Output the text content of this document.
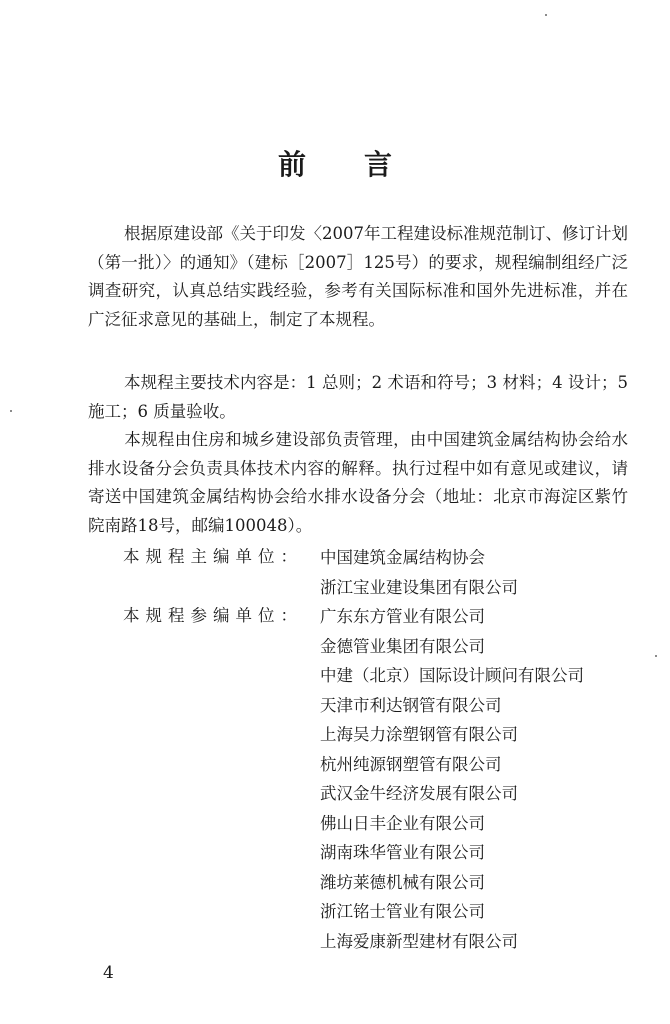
前 言

根据原建设部《关于印发〈2007年工程建设标准规范制订、修订计划（第一批）〉的通知》（建标［2007］125号）的要求，规程编制组经广泛调查研究，认真总结实践经验，参考有关国际标准和国外先进标准，并在广泛征求意见的基础上，制定了本规程。

本规程主要技术内容是：1 总则；2 术语和符号；3 材料；4 设计；5 施工；6 质量验收。

本规程由住房和城乡建设部负责管理，由中国建筑金属结构协会给水排水设备分会负责具体技术内容的解释。执行过程中如有意见或建议，请寄送中国建筑金属结构协会给水排水设备分会（地址：北京市海淀区紫竹院南路18号，邮编100048）。

本规程主编单位： 中国建筑金属结构协会
浙江宝业建设集团有限公司
本规程参编单位： 广东东方管业有限公司
金德管业集团有限公司
中建（北京）国际设计顾问有限公司
天津市利达钢管有限公司
上海吴力涂塑钢管有限公司
杭州纯源钢塑管有限公司
武汉金牛经济发展有限公司
佛山日丰企业有限公司
湖南珠华管业有限公司
潍坊莱德机械有限公司
浙江铭士管业有限公司
上海爱康新型建材有限公司
4
